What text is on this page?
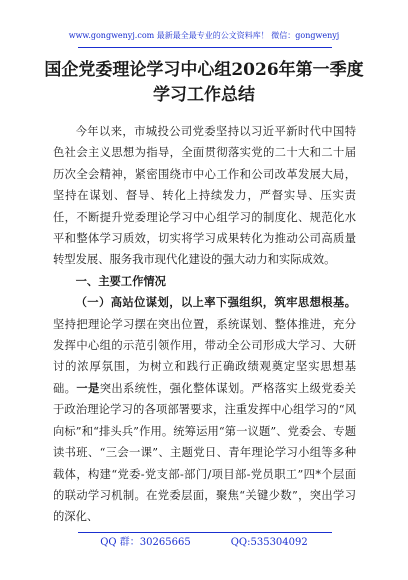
www.gongwenyj.com 最新最全最专业的公文资料库！ 微信：gongwenyj
国企党委理论学习中心组2026年第一季度学习工作总结

今年以来，市城投公司党委坚持以习近平新时代中国特色社会主义思想为指导，全面贯彻落实党的二十大和二十届历次全会精神，紧密围绕市中心工作和公司改革发展大局，坚持在谋划、督导、转化上持续发力，严督实导、压实责任，不断提升党委理论学习中心组学习的制度化、规范化水平和整体学习质效，切实将学习成果转化为推动公司高质量转型发展、服务我市现代化建设的强大动力和实际成效。

一、主要工作情况

（一）高站位谋划，以上率下强组织，筑牢思想根基。坚持把理论学习摆在突出位置，系统谋划、整体推进，充分发挥中心组的示范引领作用，带动全公司形成大学习、大研讨的浓厚氛围，为树立和践行正确政绩观奠定坚实思想基础。一是突出系统性，强化整体谋划。严格落实上级党委关于政治理论学习的各项部署要求，注重发挥中心组学习的“风向标”和“排头兵”作用。统筹运用“第一议题”、党委会、专题读书班、“三会一课”、主题党日、青年理论学习小组等多种载体，构建“党委-党支部-部门/项目部-党员职工”四*个层面的联动学习机制。在党委层面，聚焦“关键少数”，突出学习的深化、

QQ 群：30265665	QQ:535304092
